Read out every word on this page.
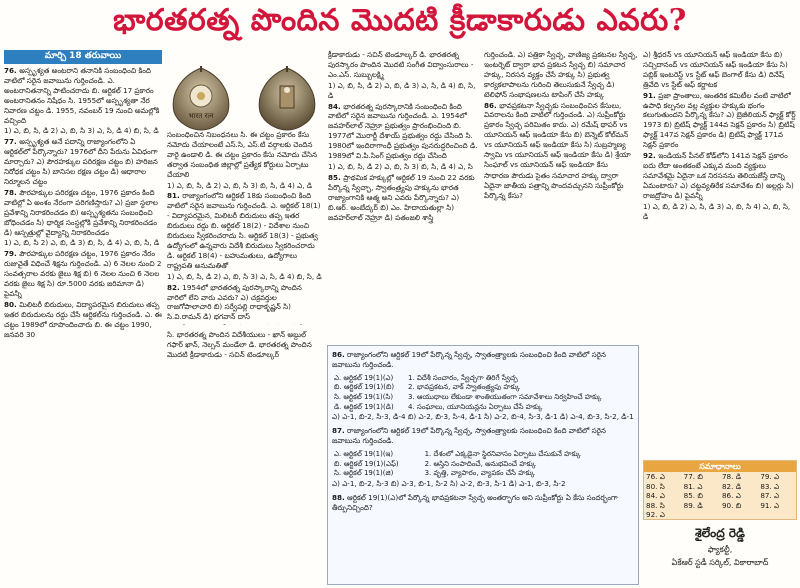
భారతరత్న పొందిన మొదటి క్రీడాకారుడు ఎవరు?
మార్చి 18 తరువాయి
76. అస్పృశ్యత అంటరాని తనానికి సంబంధించి కింది వాటిలో సరైన జవాబును గుర్తించండి. ఎ. అంటరానితనాన్ని పాటించరాదు బి. ఆర్టికల్ 17 ప్రకారం అంటరానితనం నిషేధం సి. 1955లో అస్పృశ్యతా నేర నివారణ చట్టం డి. 1955, నవంబర్ 19 నుంచి అమల్లోకి వచ్చింది
1) ఎ, బి, సి, డి 2) ఎ, బి, సి 3) ఎ, సి, డి 4) బి, సి, డి
77. అస్పృశ్యత అనే పదాన్ని రాజ్యాంగంలోని ఏ ఆర్టికల్‌లో పేర్కొన్నారు? 1976లో దీని పేరును ఏవిధంగా మార్చారు? ఎ) పౌరహక్కుల పరిరక్షణ చట్టం బి) హరిజన నిరోధక చట్టం సి) బానిసల రక్షణ చట్టం డి) ఆధారాల నిర్మూలన చట్టం
78. పౌరహక్కుల పరిరక్షణ చట్టం, 1976 ప్రకారం కింది వాటిల్లో ఏ అంశం నేరంగా పరిగణిస్తారు? ఎ) ప్రజా స్థలాల ప్రవేశాన్ని నిరాకరించడం బి) అస్పృశ్యతను సంబంధించి బోధించడం సి) ధార్మిక సంస్థల్లోకి ప్రవేశాన్ని నిరాకరించడం డి) ఆస్పత్రుల్లో వైద్యాన్ని నిరాకరించడం
1) ఎ, బి, సి 2) ఎ, బి, డి 3) బి, సి, డి 4) ఎ, బి, సి, డి
79. పౌరహక్కుల పరిరక్షణ చట్టం, 1976 ప్రకారం నేరం రుజువైతే విధించే శిక్షను గుర్తించండి. ఎ) 6 నెలల నుంచి 2 సంవత్సరాల వరకు జైలు శిక్ష బి) 6 నెలల నుంచి 6 నెలల వరకు జైలు శిక్ష సి) రూ.5000 వరకు జరిమానా డి) పైవన్నీ
80. మిలిటరీ బిరుదులు, విద్యాపరమైన బిరుదులు తప్ప ఇతర బిరుదులను రద్దు చేసే ఆర్టికల్‌ను గుర్తించండి. ఎ. ఈ చట్టం 1989లో రూపొందించారు బి. ఈ చట్టం 1990, జనవరి 30
भारत रत्न
సంబంధించిన నిబంధనలు సి. ఈ చట్టం ప్రకారం కేసు నమోదు చేయాలంటే ఎస్.సి, ఎస్.టి వర్గాలకు చెందిన వారై ఉండాలి డి. ఈ చట్టం ప్రకారం కేసు నమోదు చేసిన తర్వాత సంబంధిత జిల్లాల్లో ప్రత్యేక కోర్టులు ఏర్పాటు చేయాలి
1) ఎ, బి, సి, డి 2) ఎ, బి, సి 3) బి, సి, డి 4) ఎ, డి
81. రాజ్యాంగంలోని ఆర్టికల్ 18కు సంబంధించి కింది వాటిలో సరైన జవాబును గుర్తించండి. ఎ. ఆర్టికల్ 18(1) - విద్యాపరమైన, మిలిటరీ బిరుదులు తప్ప ఇతర బిరుదులు రద్దు బి. ఆర్టికల్ 18(2) - విదేశాల నుంచి బిరుదులు స్వీకరించరాదు సి. ఆర్టికల్ 18(3) - ప్రభుత్వ ఉద్యోగంలో ఉన్నవారు విదేశీ బిరుదులు స్వీకరించరాదు డి. ఆర్టికల్ 18(4) - బహుమతులు, ఉద్యోగాలు రాష్ట్రపతి అనుమతితో
1) ఎ, బి, సి, డి 2) ఎ, బి, సి 3) ఎ, సి, డి 4) బి, సి, డి
82. 1954లో భారతరత్న పురస్కారాన్ని పొందిన వారిలో లేని వారు ఎవరు? ఎ) చక్రవర్తుల రాజగోపాలాచారి బి) సర్వేపల్లి రాధాకృష్ణన్ సి) సి.వి.రామన్ డి) భగవాన్ దాస్
సి. భారతరత్న పొందిన విదేశీయులు - ఖాన్ అబ్దుల్ గఫార్ ఖాన్, నెల్సన్ మండేలా డి. భారతరత్న పొందిన మొదటి క్రీడాకారుడు - సచిన్ టెండూల్కర్
క్రీడాకారుడు - సచిన్ టెండూల్కర్ డి. భారతరత్న పురస్కారం పొందిన మొదటి సంగీత విద్వాంసురాలు - ఎం.ఎస్. సుబ్బులక్ష్మి
1) ఎ, బి, సి, డి 2) ఎ, బి, డి 3) ఎ, సి, డి 4) బి, సి, డి
84. భారతరత్న పురస్కారానికి సంబంధించి కింది వాటిలో సరైన జవాబును గుర్తించండి. ఎ. 1954లో జవహర్‌లాల్ నెహ్రూ ప్రభుత్వం ప్రారంభించింది బి. 1977లో మొరార్జీ దేశాయ్ ప్రభుత్వం రద్దు చేసింది సి. 1980లో ఇందిరాగాంధీ ప్రభుత్వం పునరుద్ధరించింది డి. 1989లో వి.పి.సింగ్ ప్రభుత్వం రద్దు చేసింది
1) ఎ, బి, సి, డి 2) ఎ, బి, సి 3) బి, సి, డి 4) ఎ, సి
85. ప్రాథమిక హక్కుల్లో ఆర్టికల్ 19 నుంచి 22 వరకు పేర్కొన్న స్వేచ్ఛా, స్వాతంత్ర్యపు హక్కును భారత రాజ్యాంగానికి ఆత్మ అని ఎవరు పేర్కొన్నారు? ఎ) బి.ఆర్. అంబేద్కర్ బి) ఎం. హిదాయతుల్లా సి) జవహర్‌లాల్ నెహ్రూ డి) పతంజలి శాస్త్రి
గుర్తించండి. ఎ) పత్రికా స్వేచ్ఛ, వాణిజ్య ప్రకటనల స్వేచ్ఛ, ఇంటర్నెట్ ద్వారా భావ ప్రకటన స్వేచ్ఛ బి) సమాచార హక్కు, నిరసన వ్యక్తం చేసే హక్కు సి) ప్రభుత్వ కార్యకలాపాలను గురించి తెలుసుకునే స్వేచ్ఛ డి) టెలిఫోన్ సంభాషణలను టాపింగ్ చేసే హక్కు
86. భావప్రకటనా స్వేచ్ఛకు సంబంధించిన కేసులు, వివరాలను కింది వాటిలో గుర్తించండి. ఎ) సుప్రీంకోర్టు ప్రకారం స్వేచ్ఛ పరిమితం కాదు. ఎ) రమేష్ థాపర్ vs యూనియన్ ఆఫ్ ఇండియా కేసు బి) బెన్నెట్ కోల్‌మన్ vs యూనియన్ ఆఫ్ ఇండియా కేసు సి) సుబ్రహ్మణ్య స్వామి vs యూనియన్ ఆఫ్ ఇండియా కేసు డి) శ్రేయా సింఘాల్ vs యూనియన్ ఆఫ్ ఇండియా కేసు
సాధారణ పౌరుడు సైతం సమాచార హక్కు ద్వారా ఏదైనా జాతీయ పత్రాన్ని పొందవచ్చునని సుప్రీంకోర్టు పేర్కొన్న కేసు?
ఎ) శ్రీధరన్ vs యూనియన్ ఆఫ్ ఇండియా కేసు బి) సచ్చిదానంద్ vs యూనియన్ ఆఫ్ ఇండియా కేసు సి) పబ్లిక్ ఇంటరెస్ట్ vs స్టేట్ ఆఫ్ బెంగాల్ కేసు డి) దినేష్ త్రివేది vs స్టేట్ ఆఫ్ కర్ణాటక
91. ప్రజా ప్రాంతాలు, ఆంతరిక కమిటీల వంటి వాటిలో ఉపాధి కల్పనల వల్ల వ్యక్తుల హక్కుకు భంగం కలుగుతుందని పేర్కొన్న కేసు? ఎ) బ్రెజీలియన్ ఫ్యాక్ట్ కోర్ట్ 1973 బి) బ్రిటిష్ ఫ్యాక్ట్ 144వ సెక్షన్ ప్రకారం సి) బ్రిటిష్ ఫ్యాక్ట్ 147వ సెక్షన్ ప్రకారం డి) బ్రిటిష్ ఫ్యాక్ట్ 171వ సెక్షన్ ప్రకారం
92. ఇండియన్ పీనల్ కోడ్‌లోని 141వ సెక్షన్ ప్రకారం ఐదు లేదా అంతకంటే ఎక్కువ మంది వ్యక్తులు సమావేశమై ఏదైనా ఒక నిరసనను తెలియజేస్తే దాన్ని ఏమంటారు? ఎ) చట్టవ్యతిరేక సమావేశం బి) అల్లర్లు సి) రాజద్రోహం డి) పైవన్నీ
1) ఎ, బి, డి 2) ఎ, సి, డి 3) ఎ, బి, సి 4) ఎ, బి, సి, డి
86. రాజ్యాంగంలోని ఆర్టికల్ 19లో పేర్కొన్న స్వేచ్ఛ, స్వాతంత్ర్యాలకు సంబంధించి కింది వాటిలో సరైన జవాబును గుర్తించండి.
ఎ. ఆర్టికల్ 19(1)(ఎ)	1. విదేశీ సంచారం, స్వేచ్ఛగా తిరిగే స్వేచ్ఛ
బి. ఆర్టికల్ 19(1)(బి)	2. భావప్రకటన, వాక్ స్వాతంత్ర్యపు హక్కు
సి. ఆర్టికల్ 19(1)(సి)	3. ఆయుధాలు లేకుండా శాంతియుతంగా సమావేశాలు నిర్వహించే హక్కు
డి. ఆర్టికల్ 19(1)(డి)	4. సంఘాలు, యూనియన్లను ఏర్పాటు చేసే హక్కు
ఎ) ఎ-1, బి-2, సి-3, డి-4 బి) ఎ-2, బి-3, సి-4, డి-1 సి) ఎ-2, బి-4, సి-3, డి-1 డి) ఎ-4, బి-3, సి-2, డి-1
87. రాజ్యాంగంలోని ఆర్టికల్ 19లో పేర్కొన్న స్వేచ్ఛ, స్వాతంత్ర్యాలకు సంబంధించి కింది వాటిలో సరైన జవాబును గుర్తించండి.
ఎ. ఆర్టికల్ 19(1)(ఇ)	1. దేశంలో ఎక్కడైనా స్థిరనివాసం ఏర్పాటు చేసుకునే హక్కు
బి. ఆర్టికల్ 19(1)(ఎఫ్)	2. ఆస్తిని సంపాదించే, అనుభవించే హక్కు
సి. ఆర్టికల్ 19(1)(జి)	3. వృత్తి, వ్యాపారం, వ్యాపకం చేసే హక్కు
ఎ) ఎ-1, బి-2, సి-3 బి) ఎ-3, బి-1, సి-2 సి) ఎ-2, బి-3, సి-1 డి) ఎ-1, బి-3, సి-2
88. ఆర్టికల్ 19(1)(ఎ)లో పేర్కొన్న భావప్రకటనా స్వేచ్ఛ అంతర్భాగం అని సుప్రీంకోర్టు ఏ కేసు సందర్భంగా తీర్పునిచ్చింది?
సమాధానాలు
76. ఎ	77. బి	78. డి	79. ఎ
80. సి	81. ఎ	82. డి	83. ఎ
84. ఎ	85. బి	86. ఎ	87. ఎ
88. సి	89. డి	90. బి	91. ఎ
92. ఎ			
శైలేంద్ర రెడ్డి
ఫ్యాకల్టీ,
ఏకేఆర్ స్టడీ సర్కిల్, వికారాబాద్
